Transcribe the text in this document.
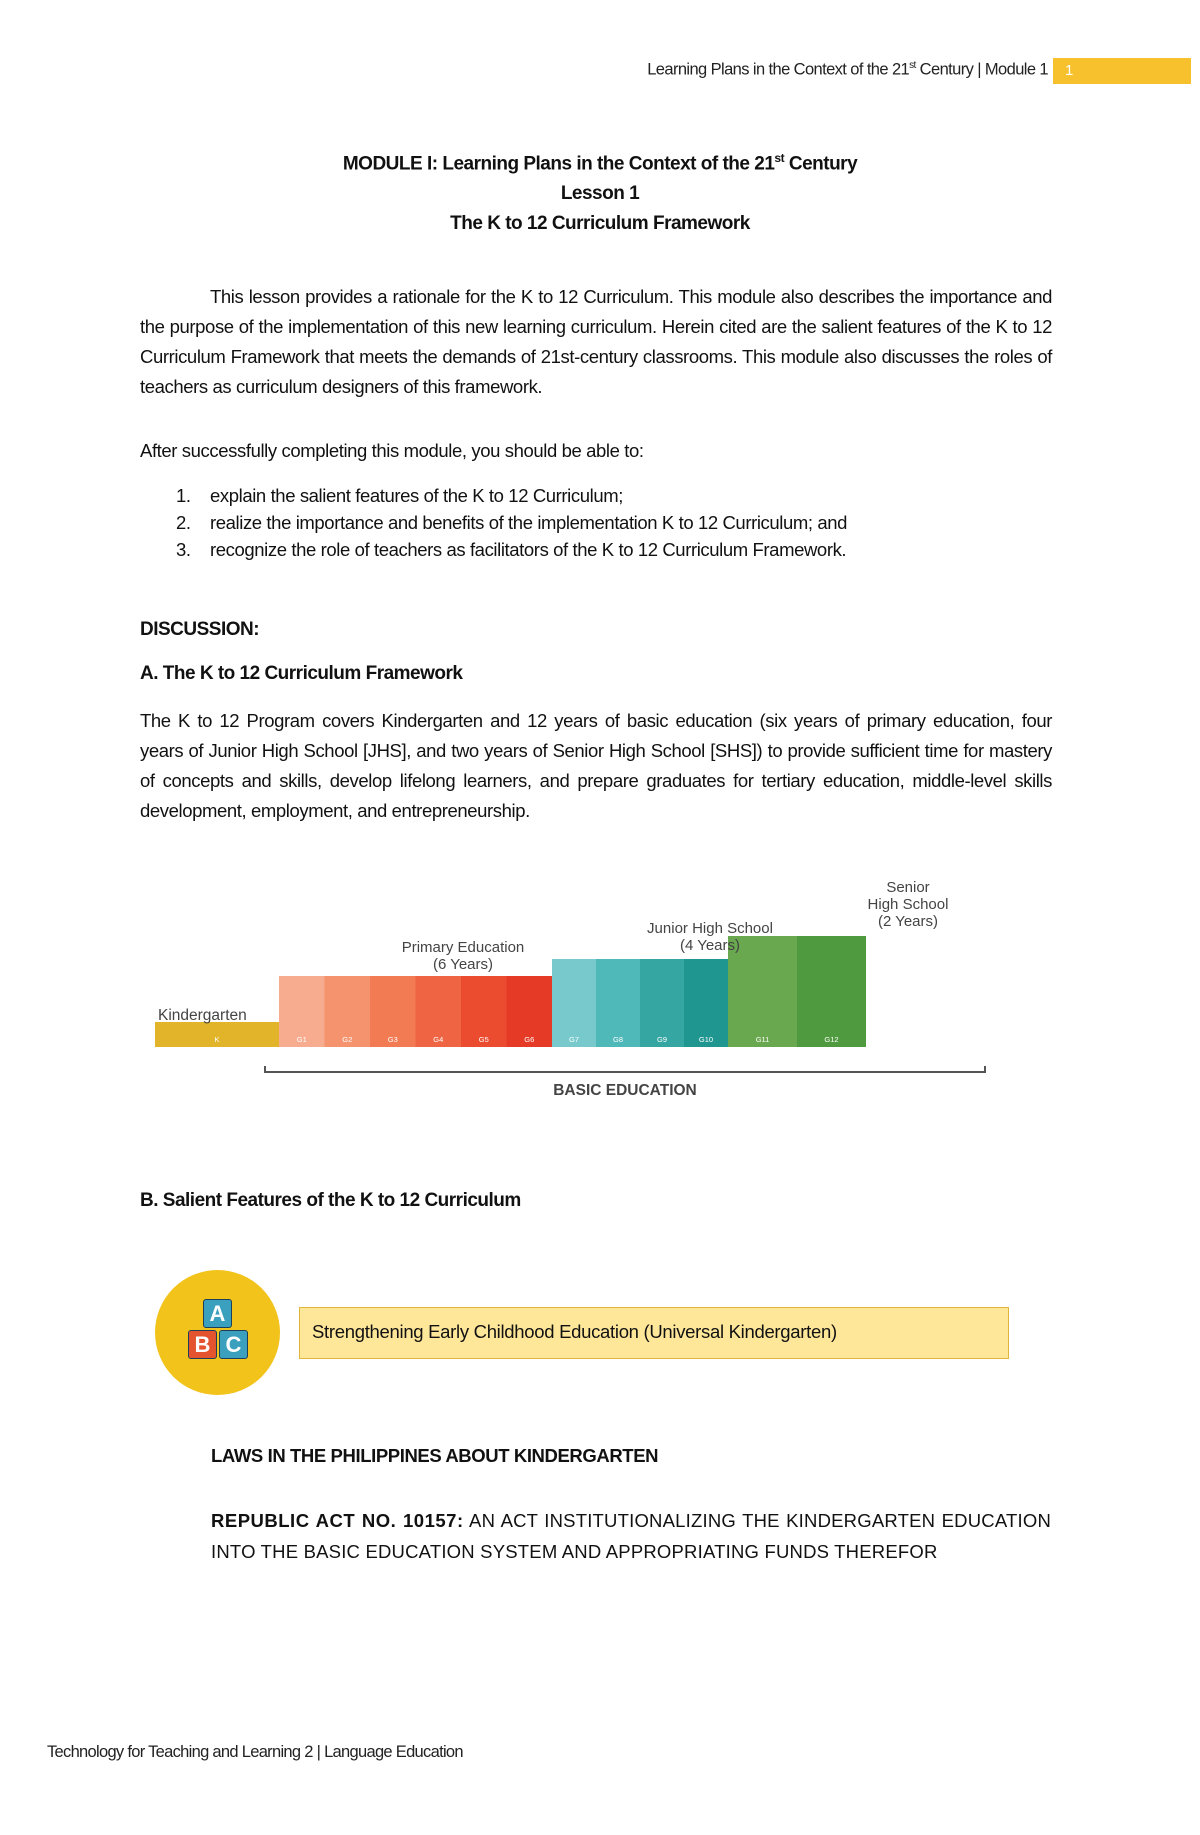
Learning Plans in the Context of the 21st Century | Module 1 1
MODULE I: Learning Plans in the Context of the 21st Century
Lesson 1
The K to 12 Curriculum Framework
This lesson provides a rationale for the K to 12 Curriculum. This module also describes the importance and the purpose of the implementation of this new learning curriculum. Herein cited are the salient features of the K to 12 Curriculum Framework that meets the demands of 21st-century classrooms. This module also discusses the roles of teachers as curriculum designers of this framework.
After successfully completing this module, you should be able to:
1. explain the salient features of the K to 12 Curriculum;
2. realize the importance and benefits of the implementation K to 12 Curriculum; and
3. recognize the role of teachers as facilitators of the K to 12 Curriculum Framework.
DISCUSSION:
A. The K to 12 Curriculum Framework
The K to 12 Program covers Kindergarten and 12 years of basic education (six years of primary education, four years of Junior High School [JHS], and two years of Senior High School [SHS]) to provide sufficient time for mastery of concepts and skills, develop lifelong learners, and prepare graduates for tertiary education, middle-level skills development, employment, and entrepreneurship.
K	G1	G2	G3	G4	G5	G6	G7	G8	G9	G10	G11	G12
Kindergarten
Primary Education
(6 Years)
Junior High School
(4 Years)
Senior
High School
(2 Years)
BASIC EDUCATION
B. Salient Features of the K to 12 Curriculum
A
B C
Strengthening Early Childhood Education (Universal Kindergarten)
LAWS IN THE PHILIPPINES ABOUT KINDERGARTEN
REPUBLIC ACT NO. 10157: AN ACT INSTITUTIONALIZING THE KINDERGARTEN EDUCATION INTO THE BASIC EDUCATION SYSTEM AND APPROPRIATING FUNDS THEREFOR
Technology for Teaching and Learning 2 | Language Education
